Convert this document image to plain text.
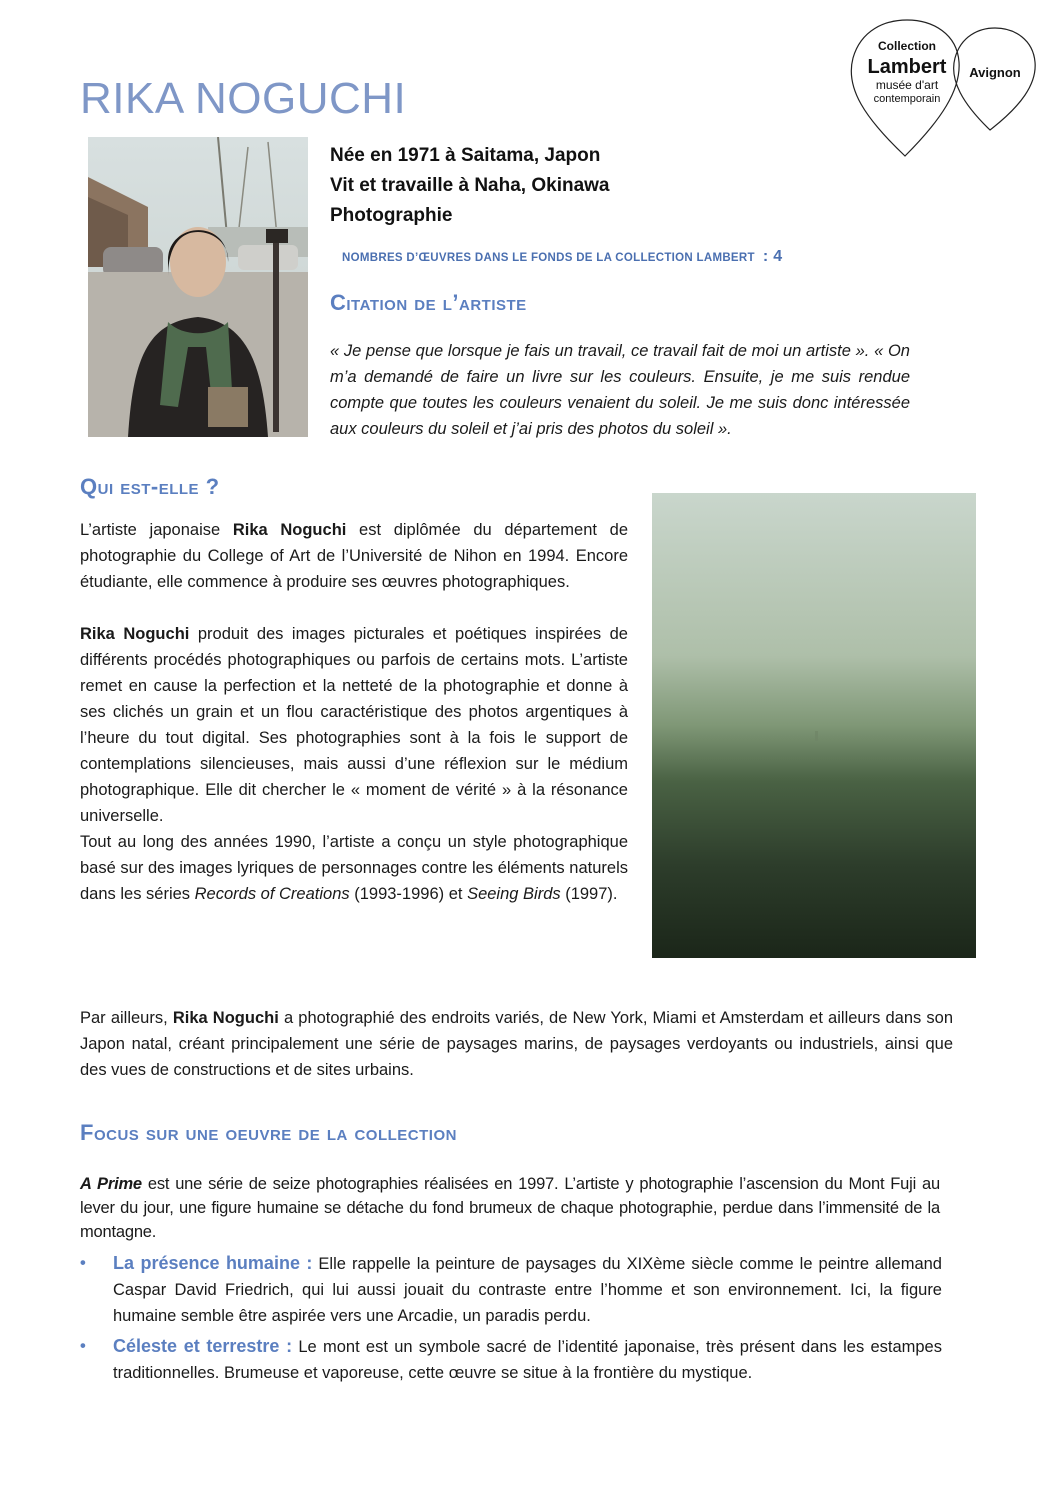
RIKA NOGUCHI
Collection
Lambert
musée d'art
contemporain
Avignon
Née en 1971 à Saitama, Japon
Vit et travaille à Naha, Okinawa
Photographie
NOMBRES D’ŒUVRES DANS LE FONDS DE LA COLLECTION LAMBERT : 4
Citation de l’artiste
« Je pense que lorsque je fais un travail, ce travail fait de moi un artiste ». « On m’a demandé de faire un livre sur les couleurs. Ensuite, je me suis rendue compte que toutes les couleurs venaient du soleil. Je me suis donc intéressée aux couleurs du soleil et j’ai pris des photos du soleil ».
Qui est-elle ?

L’artiste japonaise Rika Noguchi est diplômée du département de photographie du College of Art de l’Université de Nihon en 1994. Encore étudiante, elle commence à produire ses œuvres photographiques.

Rika Noguchi produit des images picturales et poétiques inspirées de différents procédés photographiques ou parfois de certains mots. L’artiste remet en cause la perfection et la netteté de la photographie et donne à ses clichés un grain et un flou caractéristique des photos argentiques à l’heure du tout digital. Ses photographies sont à la fois le support de contemplations silencieuses, mais aussi d’une réflexion sur le médium photographique. Elle dit chercher le « moment de vérité » à la résonance universelle.

Tout au long des années 1990, l’artiste a conçu un style photographique basé sur des images lyriques de personnages contre les éléments naturels dans les séries Records of Creations (1993-1996) et Seeing Birds (1997).

Par ailleurs, Rika Noguchi a photographié des endroits variés, de New York, Miami et Amsterdam et ailleurs dans son Japon natal, créant principalement une série de paysages marins, de paysages verdoyants ou industriels, ainsi que des vues de constructions et de sites urbains.
Focus sur une oeuvre de la collection
A Prime est une série de seize photographies réalisées en 1997. L’artiste y photographie l’ascension du Mont Fuji au lever du jour, une figure humaine se détache du fond brumeux de chaque photographie, perdue dans l’immensité de la montagne.
• La présence humaine : Elle rappelle la peinture de paysages du XIXème siècle comme le peintre allemand Caspar David Friedrich, qui lui aussi jouait du contraste entre l’homme et son environnement. Ici, la figure humaine semble être aspirée vers une Arcadie, un paradis perdu.
• Céleste et terrestre : Le mont est un symbole sacré de l’identité japonaise, très présent dans les estampes traditionnelles. Brumeuse et vaporeuse, cette œuvre se situe à la frontière du mystique.
